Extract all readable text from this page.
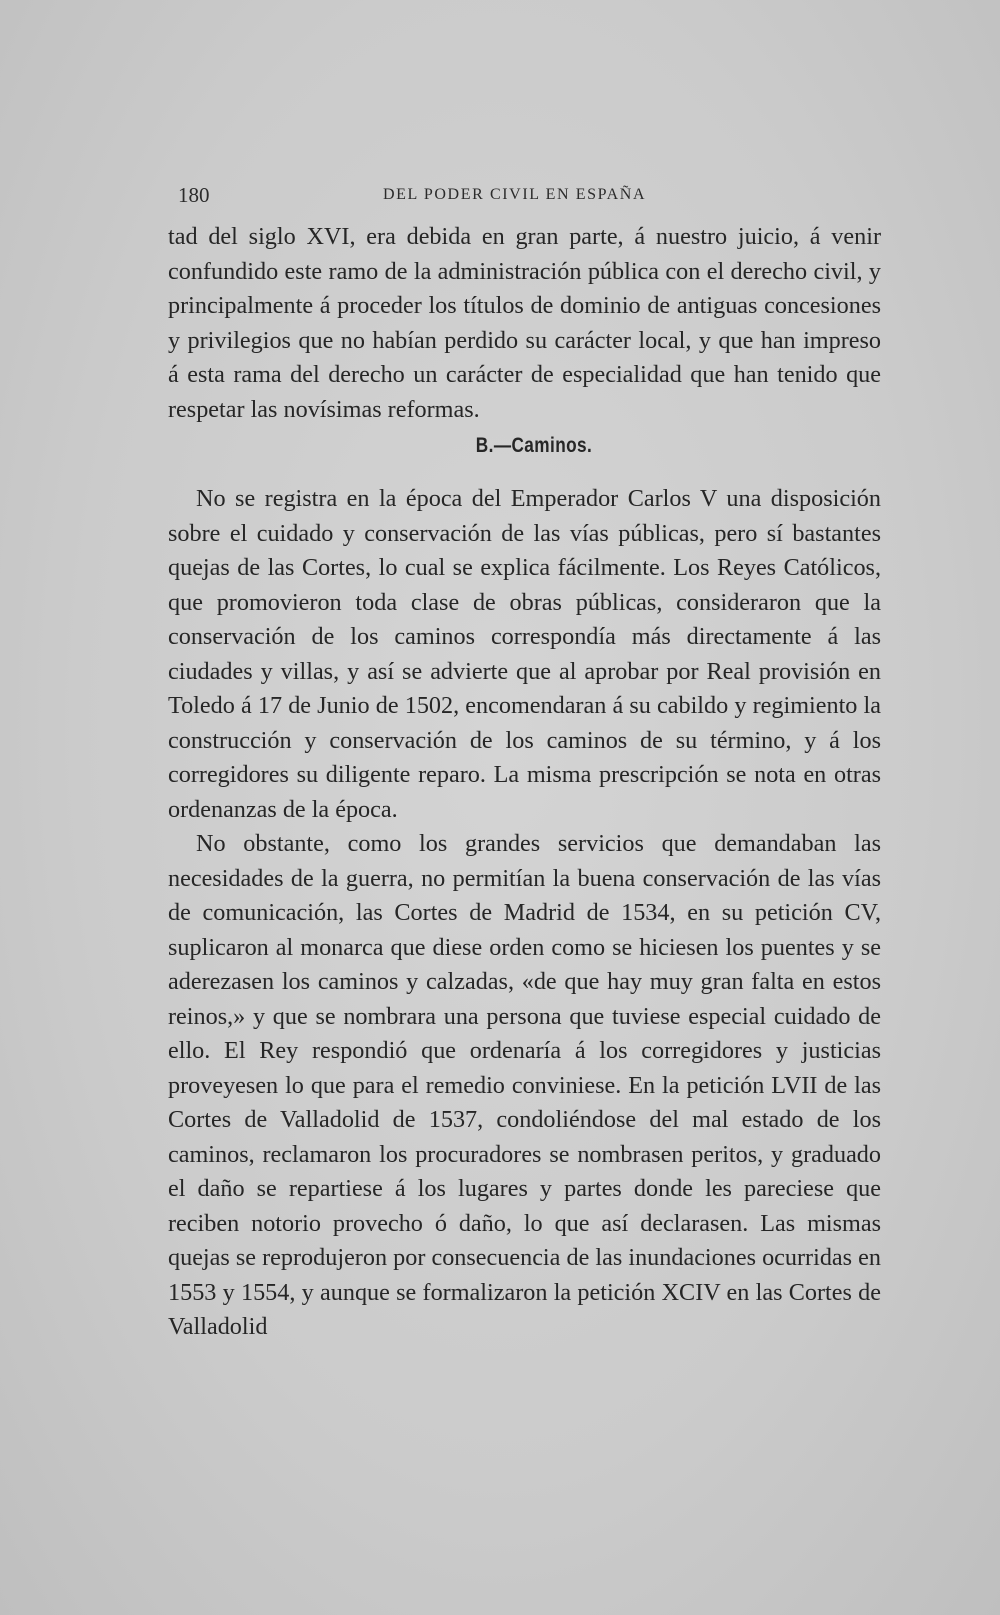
180	DEL PODER CIVIL EN ESPAÑA

tad del siglo XVI, era debida en gran parte, á nuestro juicio, á venir confundido este ramo de la administración pública con el derecho civil, y principalmente á proceder los títulos de dominio de antiguas concesiones y privilegios que no habían perdido su carácter local, y que han impreso á esta rama del derecho un carácter de especialidad que han tenido que respetar las novísimas reformas.

B.—Caminos.

No se registra en la época del Emperador Carlos V una disposición sobre el cuidado y conservación de las vías públicas, pero sí bastantes quejas de las Cortes, lo cual se explica fácilmente. Los Reyes Católicos, que promovieron toda clase de obras públicas, consideraron que la conservación de los caminos correspondía más directamente á las ciudades y villas, y así se advierte que al aprobar por Real provisión en Toledo á 17 de Junio de 1502, encomendaran á su cabildo y regimiento la construcción y conservación de los caminos de su término, y á los corregidores su diligente reparo. La misma prescripción se nota en otras ordenanzas de la época.

No obstante, como los grandes servicios que demandaban las necesidades de la guerra, no permitían la buena conservación de las vías de comunicación, las Cortes de Madrid de 1534, en su petición CV, suplicaron al monarca que diese orden como se hiciesen los puentes y se aderezasen los caminos y calzadas, «de que hay muy gran falta en estos reinos,» y que se nombrara una persona que tuviese especial cuidado de ello. El Rey respondió que ordenaría á los corregidores y justicias proveyesen lo que para el remedio conviniese. En la petición LVII de las Cortes de Valladolid de 1537, condoliéndose del mal estado de los caminos, reclamaron los procuradores se nombrasen peritos, y graduado el daño se repartiese á los lugares y partes donde les pareciese que reciben notorio provecho ó daño, lo que así declarasen. Las mismas quejas se reprodujeron por consecuencia de las inundaciones ocurridas en 1553 y 1554, y aunque se formalizaron la petición XCIV en las Cortes de Valladolid
